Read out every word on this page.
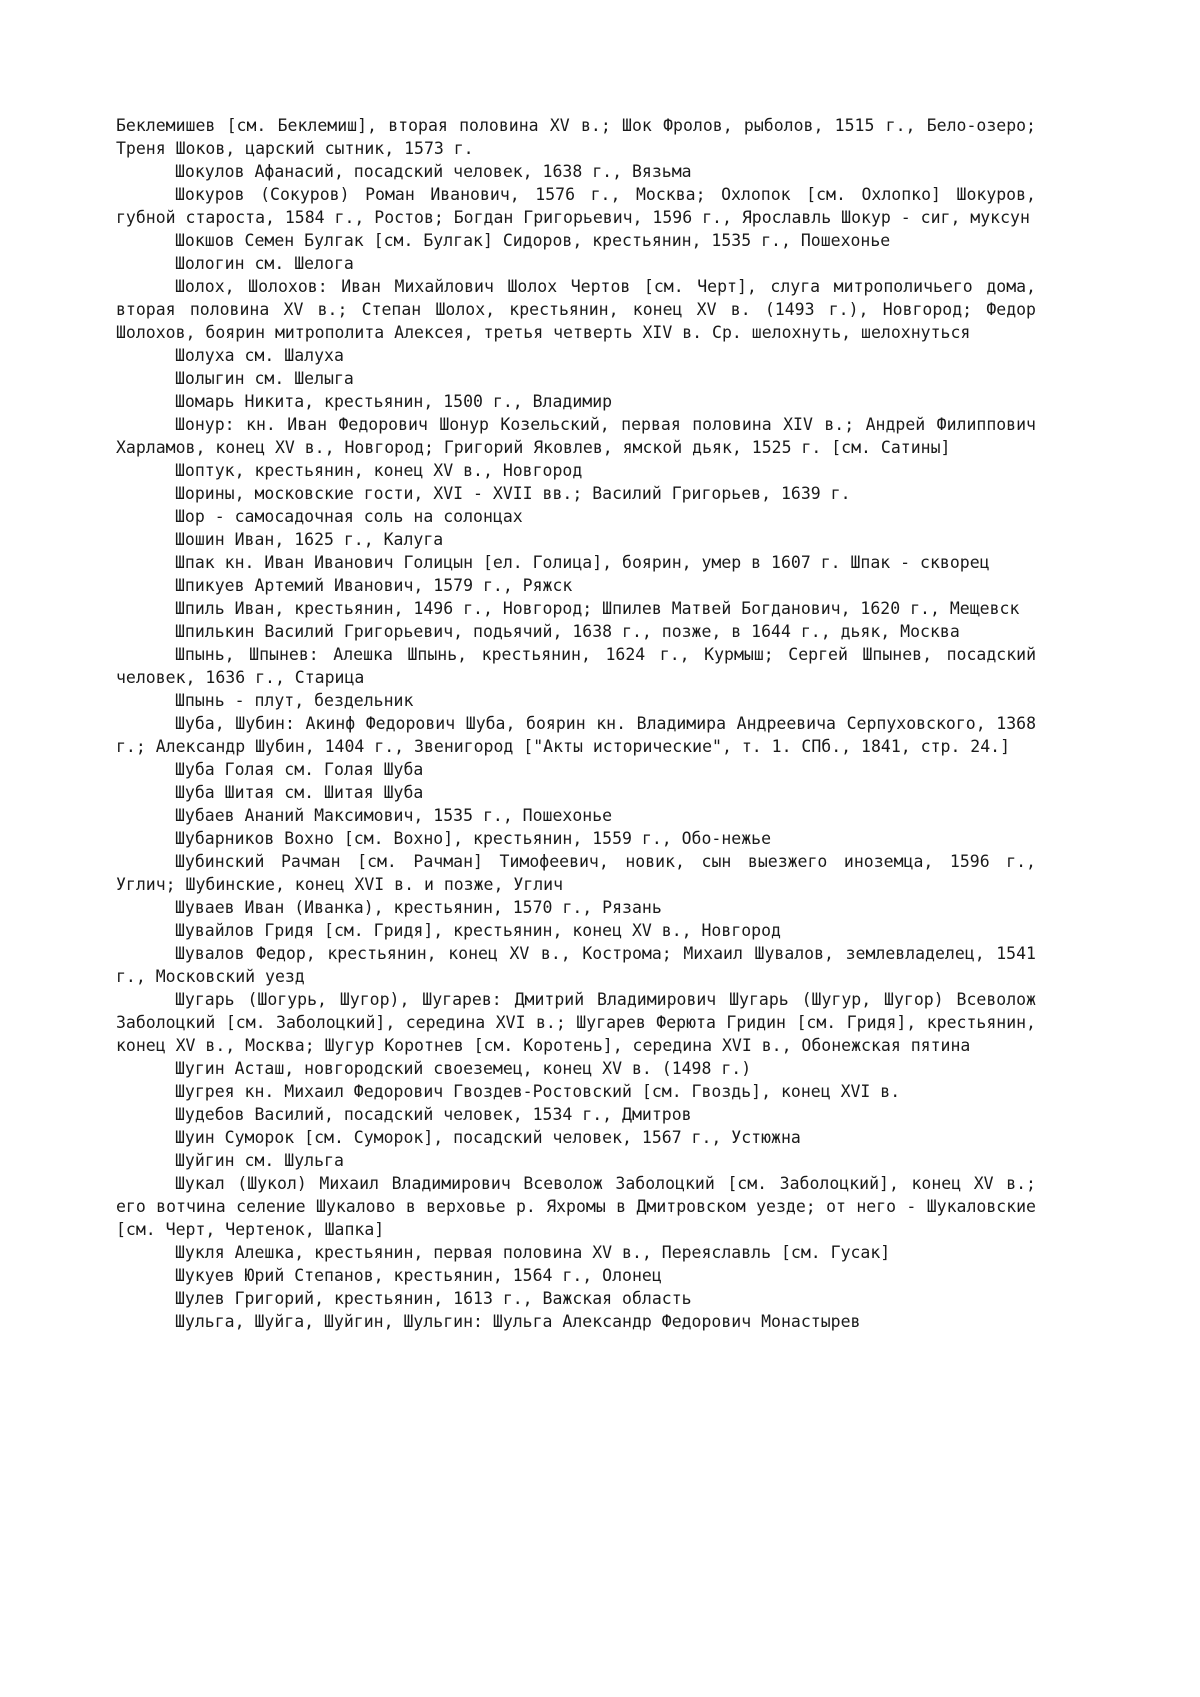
Беклемишев [см. Беклемиш], вторая половина XV в.; Шок Фролов, рыболов, 1515 г., Бело-озеро; Треня Шоков, царский сытник, 1573 г.

Шокулов Афанасий, посадский человек, 1638 г., Вязьма

Шокуров (Сокуров) Роман Иванович, 1576 г., Москва; Охлопок [см. Охлопко] Шокуров, губной староста, 1584 г., Ростов; Богдан Григорьевич, 1596 г., Ярославль Шокур - сиг, муксун

Шокшов Семен Булгак [см. Булгак] Сидоров, крестьянин, 1535 г., Пошехонье

Шологин см. Шелога

Шолох, Шолохов: Иван Михайлович Шолох Чертов [см. Черт], слуга митрополичьего дома, вторая половина XV в.; Степан Шолох, крестьянин, конец XV в. (1493 г.), Новгород; Федор Шолохов, боярин митрополита Алексея, третья четверть XIV в. Ср. шелохнуть, шелохнуться

Шолуха см. Шалуха

Шолыгин см. Шелыга

Шомарь Никита, крестьянин, 1500 г., Владимир

Шонур: кн. Иван Федорович Шонур Козельский, первая половина XIV в.; Андрей Филиппович Харламов, конец XV в., Новгород; Григорий Яковлев, ямской дьяк, 1525 г. [см. Сатины]

Шоптук, крестьянин, конец XV в., Новгород

Шорины, московские гости, XVI - XVII вв.; Василий Григорьев, 1639 г.

Шор - самосадочная соль на солонцах

Шошин Иван, 1625 г., Калуга

Шпак кн. Иван Иванович Голицын [ел. Голица], боярин, умер в 1607 г. Шпак - скворец

Шпикуев Артемий Иванович, 1579 г., Ряжск

Шпиль Иван, крестьянин, 1496 г., Новгород; Шпилев Матвей Богданович, 1620 г., Мещевск

Шпилькин Василий Григорьевич, подьячий, 1638 г., позже, в 1644 г., дьяк, Москва

Шпынь, Шпынев: Алешка Шпынь, крестьянин, 1624 г., Курмыш; Сергей Шпынев, посадский человек, 1636 г., Старица

Шпынь - плут, бездельник

Шуба, Шубин: Акинф Федорович Шуба, боярин кн. Владимира Андреевича Серпуховского, 1368 г.; Александр Шубин, 1404 г., Звенигород ["Акты исторические", т. 1. СПб., 1841, стр. 24.]

Шуба Голая см. Голая Шуба

Шуба Шитая см. Шитая Шуба

Шубаев Ананий Максимович, 1535 г., Пошехонье

Шубарников Вохно [см. Вохно], крестьянин, 1559 г., Обо-нежье

Шубинский Рачман [см. Рачман] Тимофеевич, новик, сын выезжего иноземца, 1596 г., Углич; Шубинские, конец XVI в. и позже, Углич

Шуваев Иван (Иванка), крестьянин, 1570 г., Рязань

Шувайлов Гридя [см. Гридя], крестьянин, конец XV в., Новгород

Шувалов Федор, крестьянин, конец XV в., Кострома; Михаил Шувалов, землевладелец, 1541 г., Московский уезд

Шугарь (Шогурь, Шугор), Шугарев: Дмитрий Владимирович Шугарь (Шугур, Шугор) Всеволож Заболоцкий [см. Заболоцкий], середина XVI в.; Шугарев Ферюта Гридин [см. Гридя], крестьянин, конец XV в., Москва; Шугур Коротнев [см. Коротень], середина XVI в., Обонежская пятина

Шугин Асташ, новгородский своеземец, конец XV в. (1498 г.)

Шугрея кн. Михаил Федорович Гвоздев-Ростовский [см. Гвоздь], конец XVI в.

Шудебов Василий, посадский человек, 1534 г., Дмитров

Шуин Суморок [см. Суморок], посадский человек, 1567 г., Устюжна

Шуйгин см. Шульга

Шукал (Шукол) Михаил Владимирович Всеволож Заболоцкий [см. Заболоцкий], конец XV в.; его вотчина селение Шукалово в верховье р. Яхромы в Дмитровском уезде; от него - Шукаловские [см. Черт, Чертенок, Шапка]

Шукля Алешка, крестьянин, первая половина XV в., Переяславль [см. Гусак]

Шукуев Юрий Степанов, крестьянин, 1564 г., Олонец

Шулев Григорий, крестьянин, 1613 г., Важская область

Шульга, Шуйга, Шуйгин, Шульгин: Шульга Александр Федорович Монастырев
